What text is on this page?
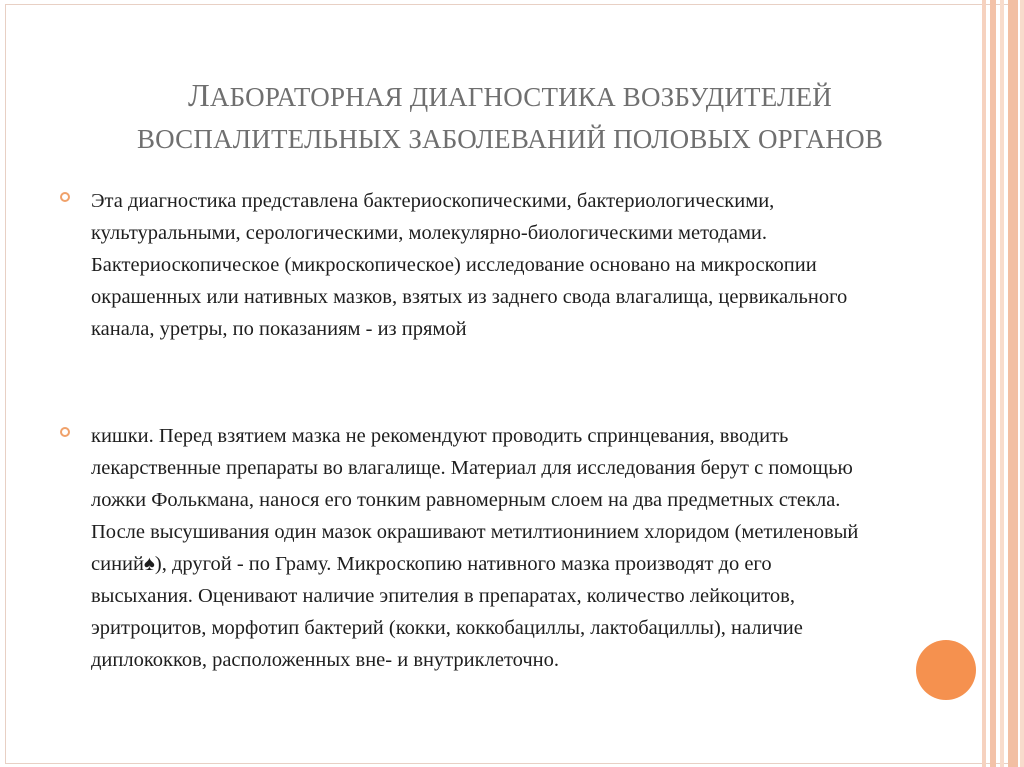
ЛАБОРАТОРНАЯ ДИАГНОСТИКА ВОЗБУДИТЕЛЕЙ
ВОСПАЛИТЕЛЬНЫХ ЗАБОЛЕВАНИЙ ПОЛОВЫХ ОРГАНОВ

Эта диагностика представлена бактериоскопическими, бактериологическими, культуральными, серологическими, молекулярно-биологическими методами. Бактериоскопическое (микроскопическое) исследование основано на микроскопии окрашенных или нативных мазков, взятых из заднего свода влагалища, цервикального канала, уретры, по показаниям - из прямой

кишки. Перед взятием мазка не рекомендуют проводить спринцевания, вводить лекарственные препараты во влагалище. Материал для исследования берут с помощью ложки Фолькмана, нанося его тонким равномерным слоем на два предметных стекла. После высушивания один мазок окрашивают метилтионинием хлоридом (метиленовый синий♠), другой - по Граму. Микроскопию нативного мазка производят до его высыхания. Оценивают наличие эпителия в препаратах, количество лейкоцитов, эритроцитов, морфотип бактерий (кокки, коккобациллы, лактобациллы), наличие диплококков, расположенных вне- и внутриклеточно.
